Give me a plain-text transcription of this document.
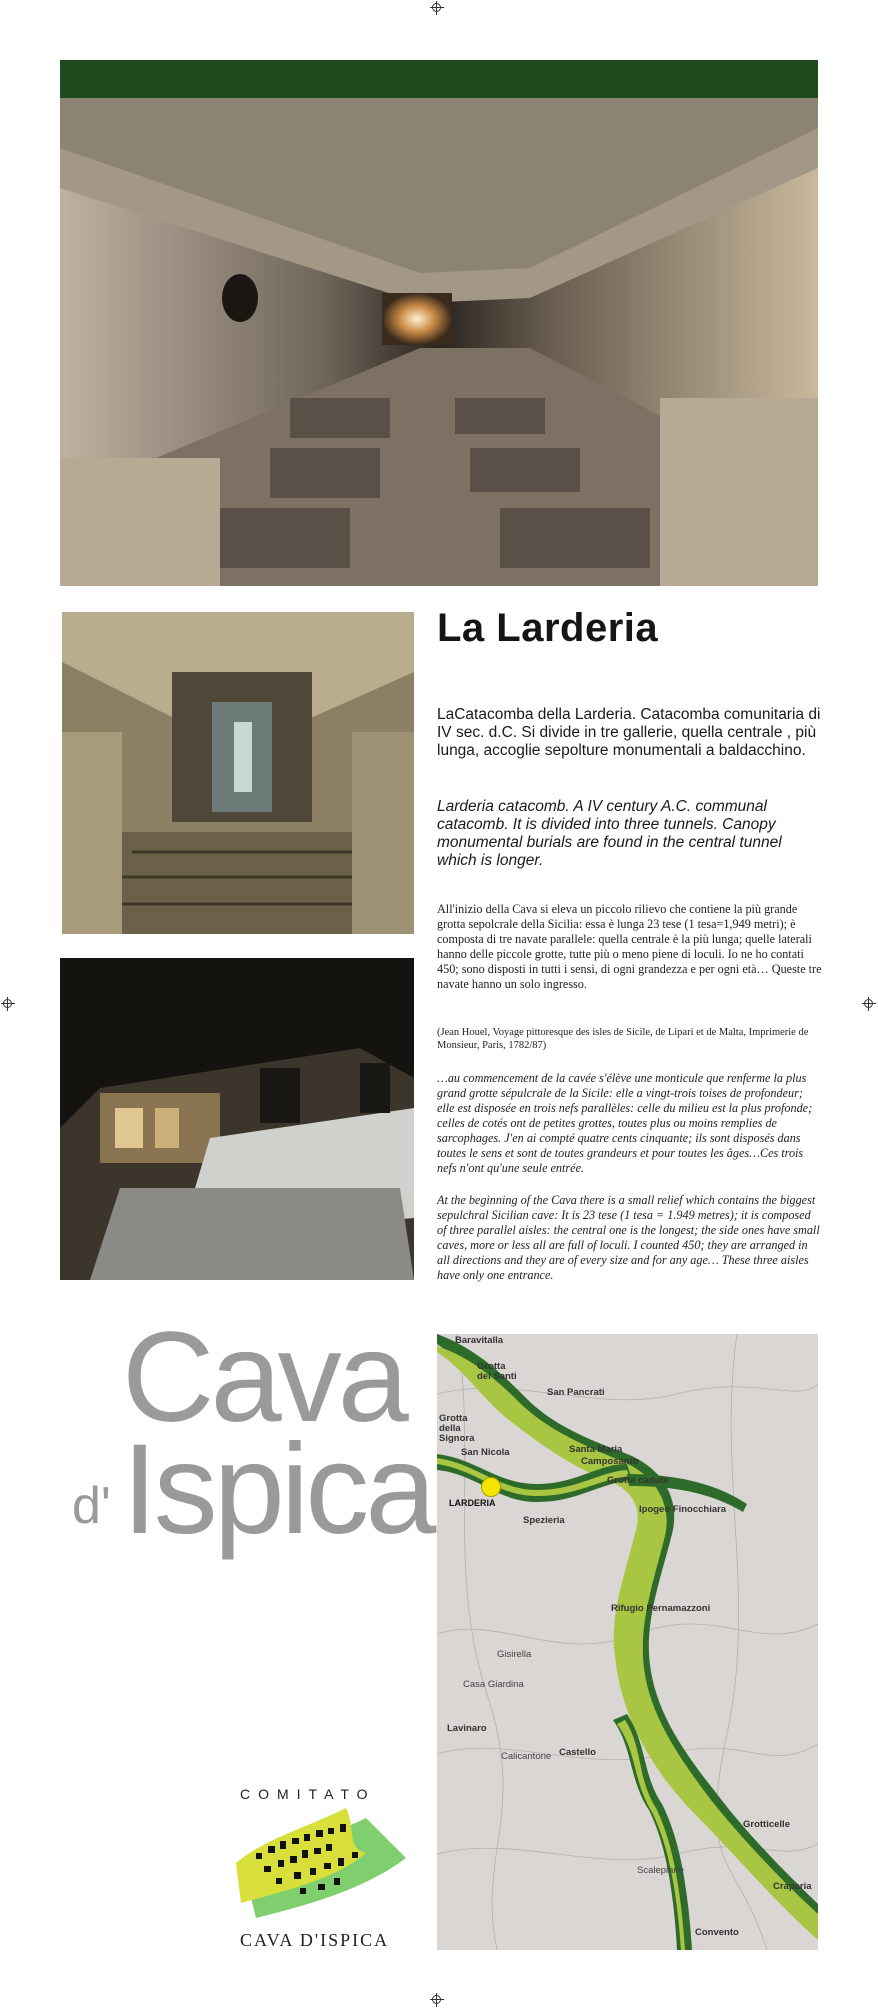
La Larderia
LaCatacomba della Larderia. Catacomba comunitaria di IV sec. d.C. Si divide in tre gallerie, quella centrale , più lunga, accoglie sepolture monumentali a baldacchino.
Larderia catacomb. A IV century A.C. communal catacomb. It is divided into three tunnels. Canopy monumental burials are found in the central tunnel which is longer.
All'inizio della Cava si eleva un piccolo rilievo che contiene la più grande grotta sepolcrale della Sicilia: essa è lunga 23 tese (1 tesa=1,949 metri); è composta di tre navate parallele: quella centrale è la più lunga; quelle laterali hanno delle piccole grotte, tutte più o meno piene di loculi. Io ne ho contati 450; sono disposti in tutti i sensi, di ogni grandezza e per ogni età… Queste tre navate hanno un solo ingresso.
(Jean Houel, Voyage pittoresque des isles de Sicile, de Lipari et de Malta, Imprimerie de Monsieur, Paris, 1782/87)
…au commencement de la cavée s'élève une monticule que renferme la plus grand grotte sépulcrale de la Sicile: elle a vingt-trois toises de profondeur; elle est disposée en trois nefs parallèles: celle du milieu est la plus profonde; celles de cotés ont de petites grottes, toutes plus ou moins remplies de sarcophages. J'en ai compté quatre cents cinquante; ils sont disposés dans toutes le sens et sont de toutes grandeurs et pour toutes les âges…Ces trois nefs n'ont qu'une seule entrée.
At the beginning of the Cava there is a small relief which contains the biggest sepulchral Sicilian cave: It is 23 tese (1 tesa = 1.949 metres); it is composed of three parallel aisles: the central one is the longest; the side ones have small caves, more or less all are full of loculi. I counted 450; they are arranged in all directions and they are of every size and for any age… These three aisles have only one entrance.
Cava
d' Ispica
Baravitalla
Grotta dei Santi
San Pancrati
Grotta della Signora
San Nicola	Santa Maria
Camposanto
Grotte cadute
LARDERIA
Spezieria
Ipogeo Finocchiara
Rifugio Pernamazzoni
Gisirella
Casa Giardina
Lavinaro
Calicantone Castello
Grotticelle
Scalepiane
Craparia
Convento
COMITATO
CAVA D'ISPICA
